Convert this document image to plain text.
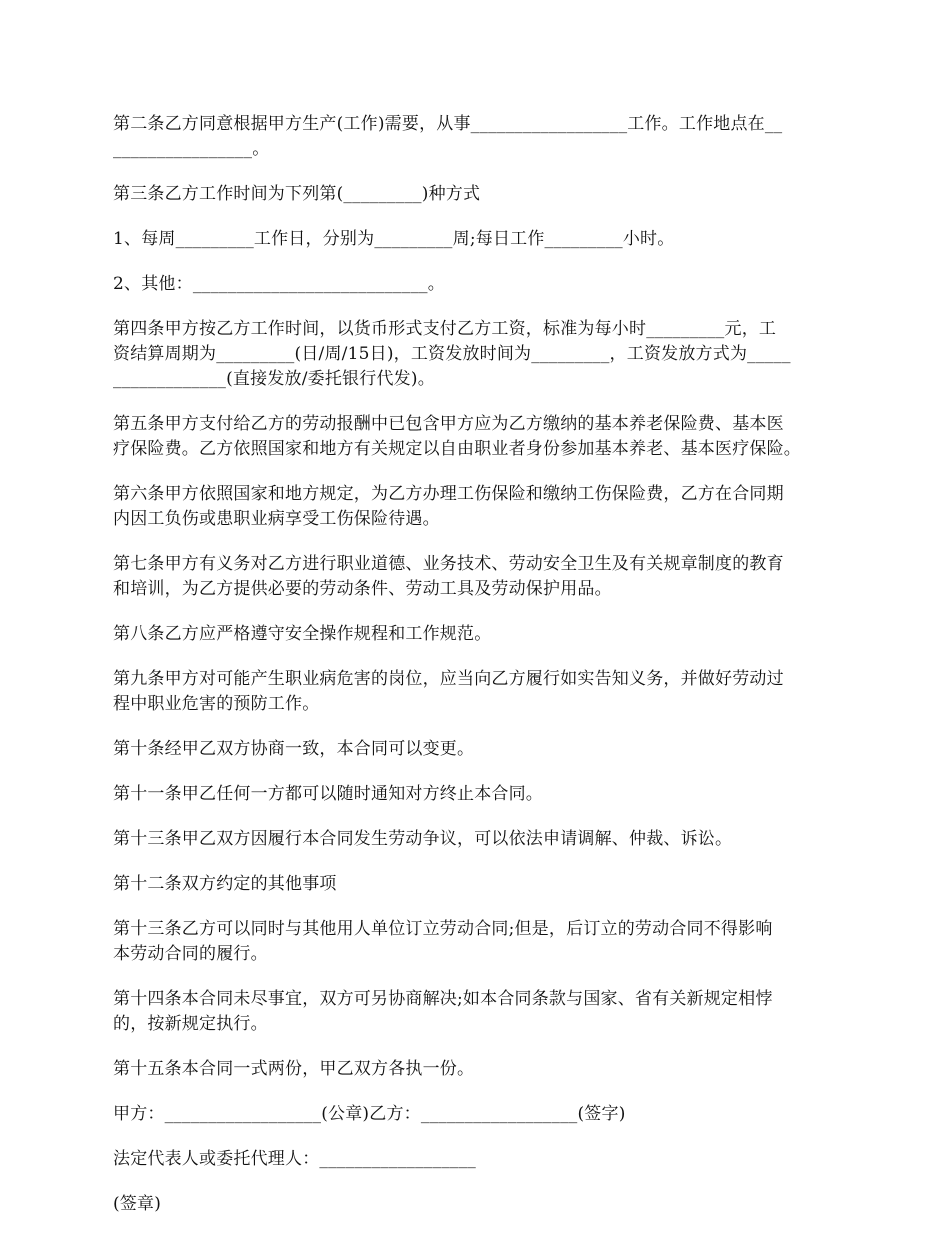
第二条乙方同意根据甲方生产(工作)需要，从事__________________工作。工作地点在__
________________。

第三条乙方工作时间为下列第(_________)种方式

1、每周_________工作日，分别为_________周;每日工作_________小时。

2、其他：___________________________。

第四条甲方按乙方工作时间，以货币形式支付乙方工资，标准为每小时_________元，工
资结算周期为_________(日/周/15日)，工资发放时间为_________，工资发放方式为_____
_____________(直接发放/委托银行代发)。

第五条甲方支付给乙方的劳动报酬中已包含甲方应为乙方缴纳的基本养老保险费、基本医
疗保险费。乙方依照国家和地方有关规定以自由职业者身份参加基本养老、基本医疗保险。

第六条甲方依照国家和地方规定，为乙方办理工伤保险和缴纳工伤保险费，乙方在合同期
内因工负伤或患职业病享受工伤保险待遇。

第七条甲方有义务对乙方进行职业道德、业务技术、劳动安全卫生及有关规章制度的教育
和培训，为乙方提供必要的劳动条件、劳动工具及劳动保护用品。

第八条乙方应严格遵守安全操作规程和工作规范。

第九条甲方对可能产生职业病危害的岗位，应当向乙方履行如实告知义务，并做好劳动过
程中职业危害的预防工作。

第十条经甲乙双方协商一致，本合同可以变更。

第十一条甲乙任何一方都可以随时通知对方终止本合同。

第十三条甲乙双方因履行本合同发生劳动争议，可以依法申请调解、仲裁、诉讼。

第十二条双方约定的其他事项

第十三条乙方可以同时与其他用人单位订立劳动合同;但是，后订立的劳动合同不得影响
本劳动合同的履行。

第十四条本合同未尽事宜，双方可另协商解决;如本合同条款与国家、省有关新规定相悖
的，按新规定执行。

第十五条本合同一式两份，甲乙双方各执一份。

甲方：__________________(公章)乙方：__________________(签字)

法定代表人或委托代理人：__________________

(签章)
